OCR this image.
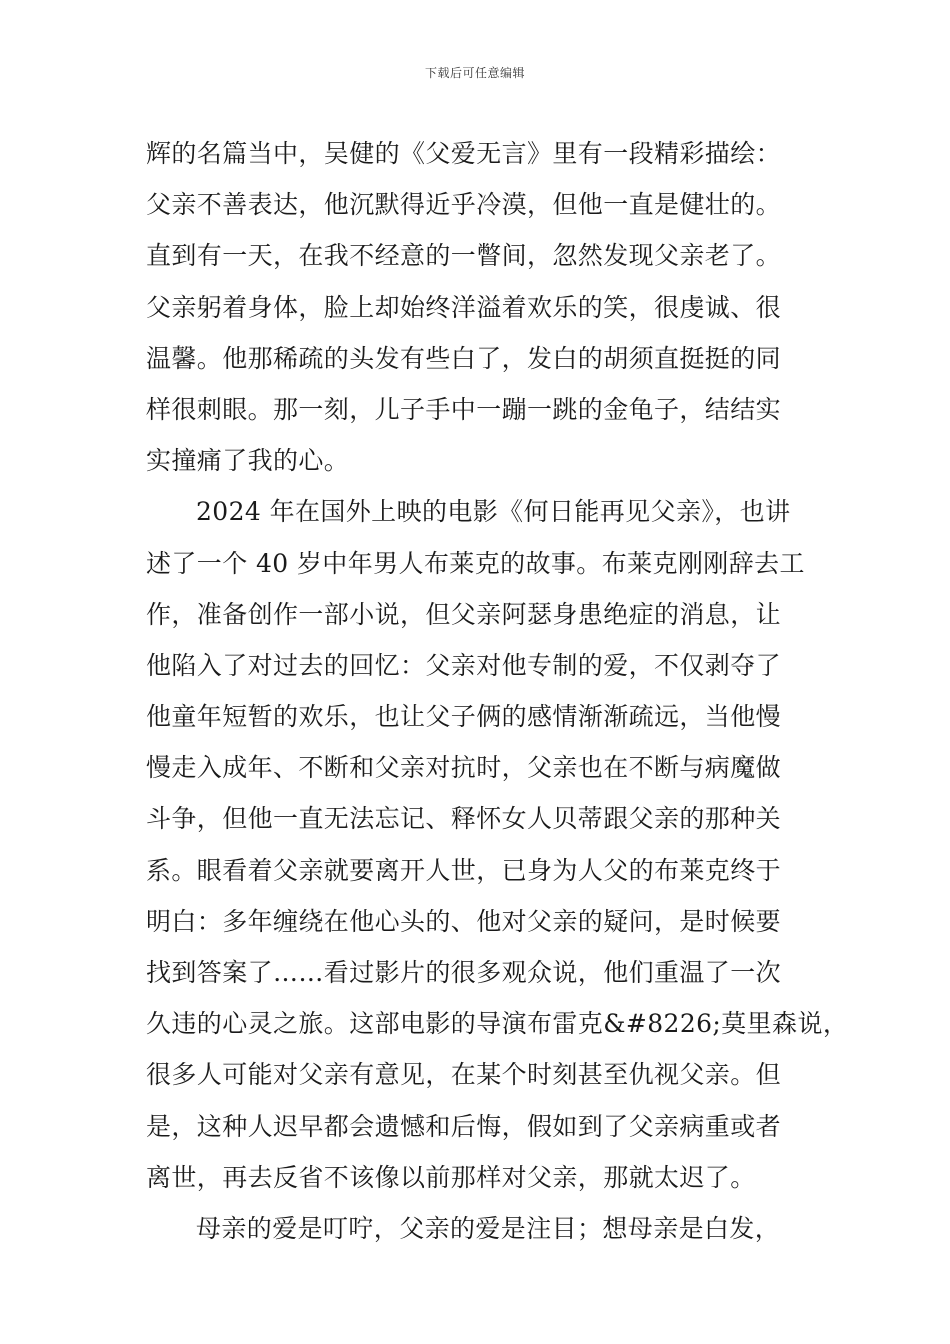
下载后可任意编辑
辉的名篇当中，吴健的《父爱无言》里有一段精彩描绘：
父亲不善表达，他沉默得近乎冷漠，但他一直是健壮的。
直到有一天，在我不经意的一瞥间，忽然发现父亲老了。
父亲躬着身体，脸上却始终洋溢着欢乐的笑，很虔诚、很
温馨。他那稀疏的头发有些白了，发白的胡须直挺挺的同
样很刺眼。那一刻，儿子手中一蹦一跳的金龟子，结结实
实撞痛了我的心。
2024 年在国外上映的电影《何日能再见父亲》，也讲
述了一个 40 岁中年男人布莱克的故事。布莱克刚刚辞去工
作，准备创作一部小说，但父亲阿瑟身患绝症的消息，让
他陷入了对过去的回忆：父亲对他专制的爱，不仅剥夺了
他童年短暂的欢乐，也让父子俩的感情渐渐疏远，当他慢
慢走入成年、不断和父亲对抗时，父亲也在不断与病魔做
斗争，但他一直无法忘记、释怀女人贝蒂跟父亲的那种关
系。眼看着父亲就要离开人世，已身为人父的布莱克终于
明白：多年缠绕在他心头的、他对父亲的疑问，是时候要
找到答案了……看过影片的很多观众说，他们重温了一次
久违的心灵之旅。这部电影的导演布雷克&#8226;莫里森说，
很多人可能对父亲有意见，在某个时刻甚至仇视父亲。但
是，这种人迟早都会遗憾和后悔，假如到了父亲病重或者
离世，再去反省不该像以前那样对父亲，那就太迟了。
母亲的爱是叮咛，父亲的爱是注目；想母亲是白发，
